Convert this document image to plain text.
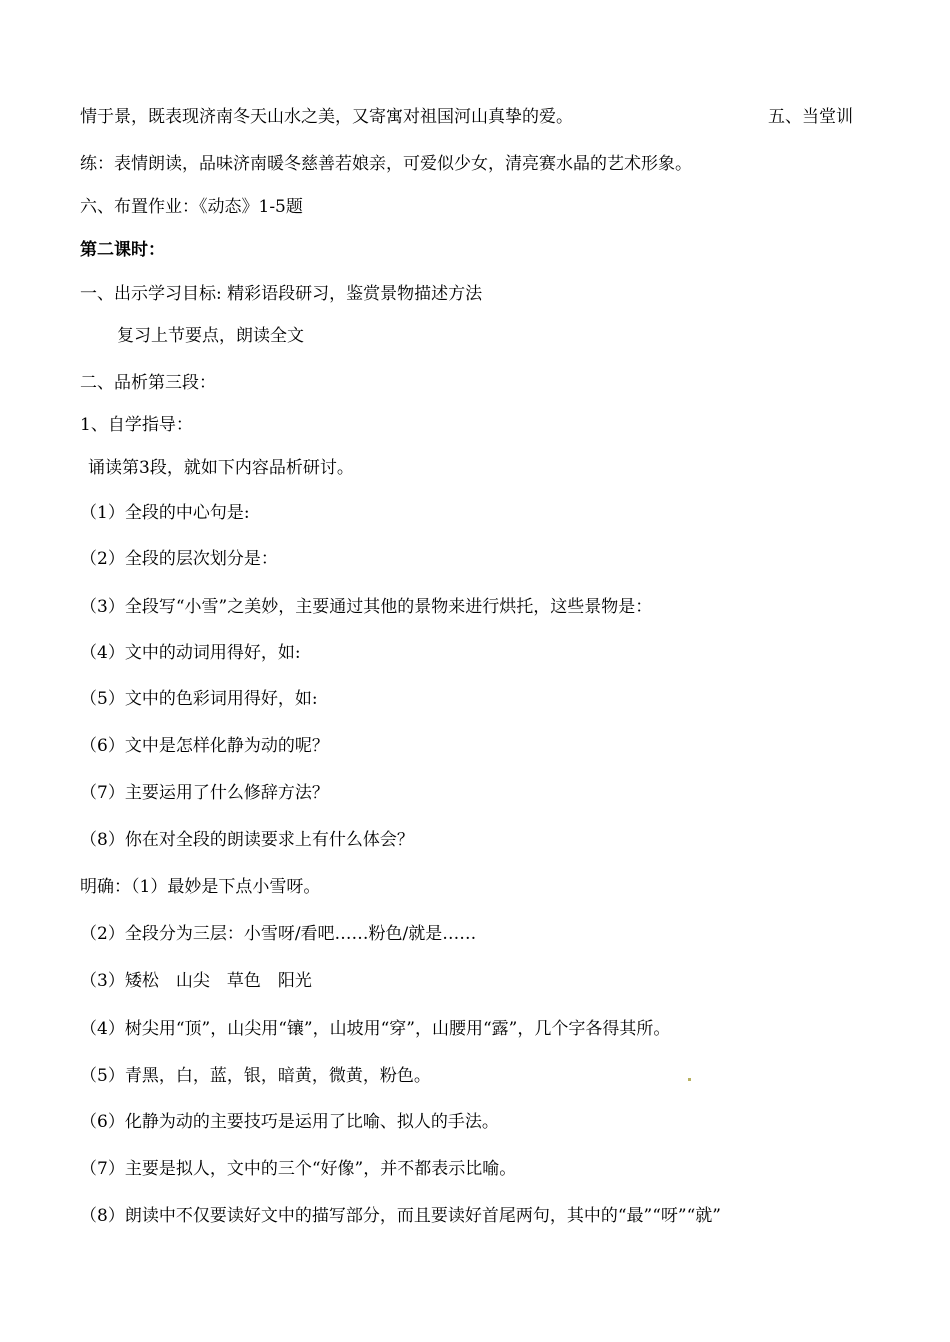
情于景，既表现济南冬天山水之美，又寄寓对祖国河山真挚的爱。	五、当堂训
练：表情朗读，品味济南暖冬慈善若娘亲，可爱似少女，清亮赛水晶的艺术形象。
六、布置作业：《动态》1-5题
第二课时：
一、出示学习目标: 精彩语段研习，鉴赏景物描述方法
复习上节要点，朗读全文
二、品析第三段：
1、自学指导：
诵读第3段，就如下内容品析研讨。
（1）全段的中心句是:
（2）全段的层次划分是：
（3）全段写“小雪”之美妙，主要通过其他的景物来进行烘托，这些景物是：
（4）文中的动词用得好，如:
（5）文中的色彩词用得好，如:
（6）文中是怎样化静为动的呢？
（7）主要运用了什么修辞方法？
（8）你在对全段的朗读要求上有什么体会？
明确：（1）最妙是下点小雪呀。
（2）全段分为三层：小雪呀/看吧……粉色/就是……
（3）矮松　山尖　草色　阳光
（4）树尖用“顶”，山尖用“镶”，山坡用“穿”，山腰用“露”，几个字各得其所。
（5）青黑，白，蓝，银，暗黄，微黄，粉色。
（6）化静为动的主要技巧是运用了比喻、拟人的手法。
（7）主要是拟人，文中的三个“好像”，并不都表示比喻。
（8）朗读中不仅要读好文中的描写部分，而且要读好首尾两句，其中的“最”“呀”“就”
